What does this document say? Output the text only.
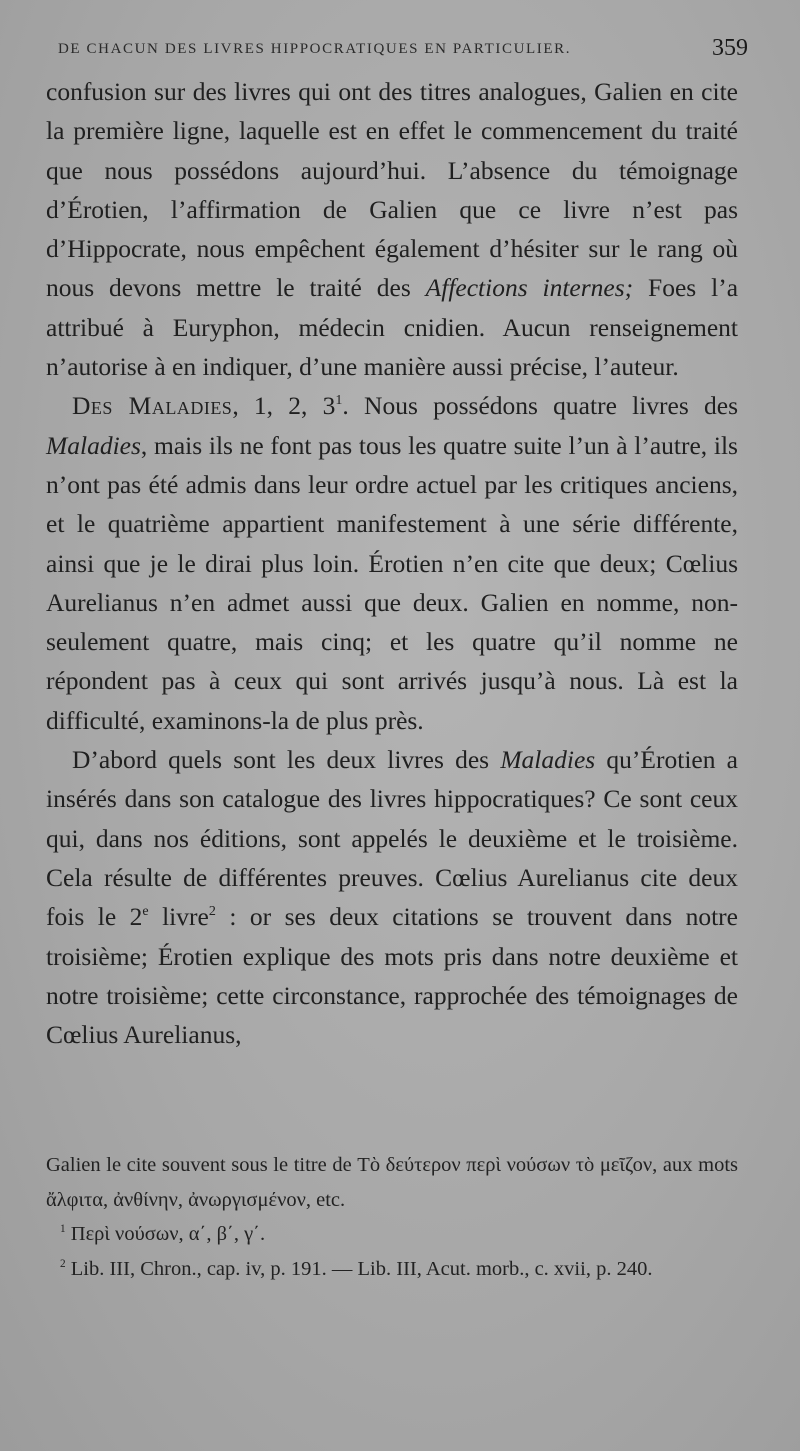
DE CHACUN DES LIVRES HIPPOCRATIQUES EN PARTICULIER.	359

confusion sur des livres qui ont des titres analogues, Galien en cite la première ligne, laquelle est en effet le commencement du traité que nous possédons aujourd’hui. L’absence du témoignage d’Érotien, l’affirmation de Galien que ce livre n’est pas d’Hippocrate, nous empêchent également d’hésiter sur le rang où nous devons mettre le traité des Affections internes; Foes l’a attribué à Euryphon, médecin cnidien. Aucun renseignement n’autorise à en indiquer, d’une manière aussi précise, l’auteur.

Des Maladies, 1, 2, $3^1$. Nous possédons quatre livres des Maladies, mais ils ne font pas tous les quatre suite l’un à l’autre, ils n’ont pas été admis dans leur ordre actuel par les critiques anciens, et le quatrième appartient manifestement à une série différente, ainsi que je le dirai plus loin. Érotien n’en cite que deux; Cœlius Aurelianus n’en admet aussi que deux. Galien en nomme, non-seulement quatre, mais cinq; et les quatre qu’il nomme ne répondent pas à ceux qui sont arrivés jusqu’à nous. Là est la difficulté, examinons-la de plus près.

D’abord quels sont les deux livres des Maladies qu’Érotien a insérés dans son catalogue des livres hippocratiques? Ce sont ceux qui, dans nos éditions, sont appelés le deuxième et le troisième. Cela résulte de différentes preuves. Cœlius Aurelianus cite deux fois le 2e livre$^2$ : or ses deux citations se trouvent dans notre troisième; Érotien explique des mots pris dans notre deuxième et notre troisième; cette circonstance, rapprochée des témoignages de Cœlius Aurelianus,

Galien le cite souvent sous le titre de Τὸ δεύτερον περὶ νούσων τὸ μεῖζον, aux mots ἄλφιτα, ἀνθίνην, ἀνωργισμένον, etc.

$^1$ Περὶ νούσων, α΄, β΄, γ΄.

$^2$ Lib. III, Chron., cap. iv, p. 191. — Lib. III, Acut. morb., c. xvii, p. 240.
